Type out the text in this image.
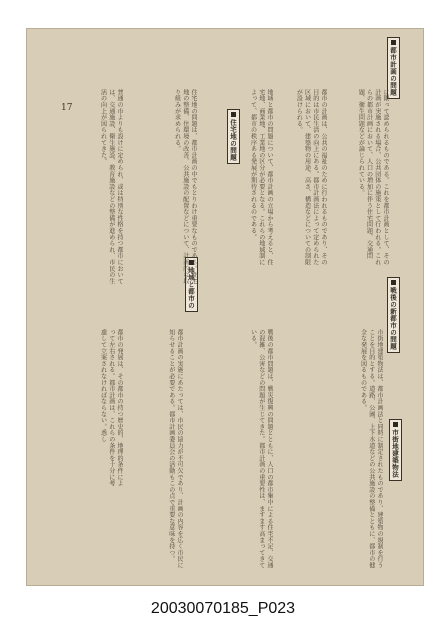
17
都市計画の問題
に限って認められるものである。これを都市計画として、その計画が実施される場合、公共団体の施策として行われる。これらの都市計画において、人口の増加に伴う住宅問題、交通問題、衛生問題などが論じられている。
都市の計画は、公共の福祉のために行われるものであり、その目的は市民生活の向上にある。都市計画法によって定められた区域において、建築物の用途、高さ、構造などについての制限が設けられる。
市街地建築物法
市街地建築物法は、都市計画法と同時に制定されたものであり、建築物の規制を行うことを目的とする。道路、公園、上下水道などの公共施設の整備とともに、都市の健全な発展を図るものである。
戦後の新都市の問題
地域と都市の
地域と都市の問題について、都市計画の立場から考えると、住宅地、商業地、工業地の区分が必要となる。これらの地域制によって、都市の秩序ある発展が期待されるのである。
戦後の都市問題は、戦災復興の問題とともに、人口の都市集中による住宅不足、交通の混雑、公害などの問題が生じてきた。都市計画の重要性は、ますます高まってきている。
都市計画の実施にあたっては、市民の協力が不可欠であり、計画の内容を広く市民に知らせることが必要である。都市計画委員会の活動もこの点で重要な意味を持つ。
住宅地の問題
住宅地の問題は、都市計画の中でもとりわけ重要なものである。住宅地の整備、住環境の改善、公共施設の配置などについて、計画的な取り組みが求められる。
普通の市よりも設けに定められ、或は特別な性格を持つ都市においては、交通施設、衛生施設、教育施設などの整備が進められ、市民の生活の向上が図られてきた。
都市の発展は、その都市の持つ歴史的、地理的条件によって左右される。都市計画は、これらの条件を十分に考慮して立案されなければならない。悉し
20030070185_P023
